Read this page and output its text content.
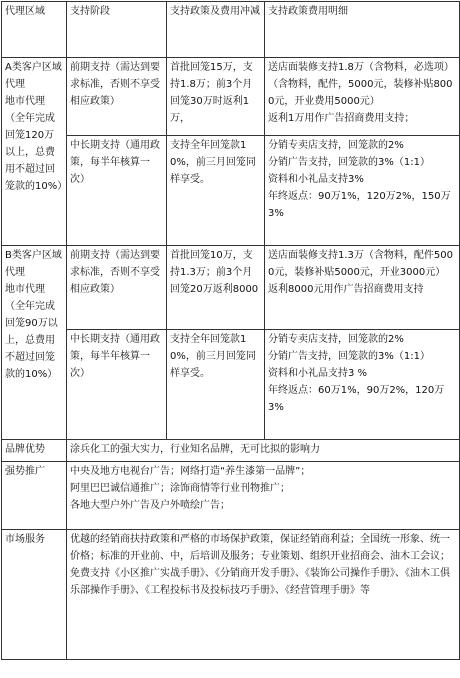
代理区域	支持阶段	支持政策及费用冲减	支持政策费用明细

A类客户区域代理
地市代理
（全年完成回笼120万以上，总费用不超过回笼款的10%）	前期支持（需达到要求标准，否则不享受相应政策）	首批回笼15万，支持1.8万；前3个月回笼30万时返利1万，	送店面装修支持1.8万（含物料，必选项）（含物料，配件，5000元，装修补贴8000元，开业费用5000元）
返利1万用作广告招商费用支持；

	中长期支持（通用政策，每半年核算一次）	支持全年回笼款10%，前三月回笼同样享受。	分销专卖店支持，回笼款的2%
分销广告支持，回笼款的3%（1:1）
资料和小礼品支持3%
年终返点：90万1%，120万2%，150万3%

B类客户区域代理
地市代理
（全年完成回笼90万以上，总费用不超过回笼款的10%）	前期支持（需达到要求标准，否则不享受相应政策）	首批回笼10万，支持1.3万；前3个月回笼20万返利8000	送店面装修支持1.3万（含物料，配件5000元，装修补贴5000元，开业3000元）
返利8000元用作广告招商费用支持

	中长期支持（通用政策，每半年核算一次）	支持全年回笼款10%，前三月回笼同样享受。	分销专卖店支持，回笼款的2%
分销广告支持，回笼款的3%（1:1）
资料和小礼品支持3 %
年终返点：60万1%，90万2%，120万3%

品牌优势	涂兵化工的强大实力，行业知名品牌，无可比拟的影响力		
强势推广	中央及地方电视台广告；网络打造“养生漆第一品牌”；
阿里巴巴诚信通推广；涂饰商情等行业刊物推广；
各地大型户外广告及户外喷绘广告；		

市场服务	优越的经销商扶持政策和严格的市场保护政策，保证经销商利益；全国统一形象、统一价格；标准的开业前、中，后培训及服务；专业策划、组织开业招商会、油木工会议；
免费支持《小区推广实战手册》、《分销商开发手册》、《装饰公司操作手册》、《油木工俱乐部操作手册》、《工程投标书及投标技巧手册》、《经营管理手册》等		
